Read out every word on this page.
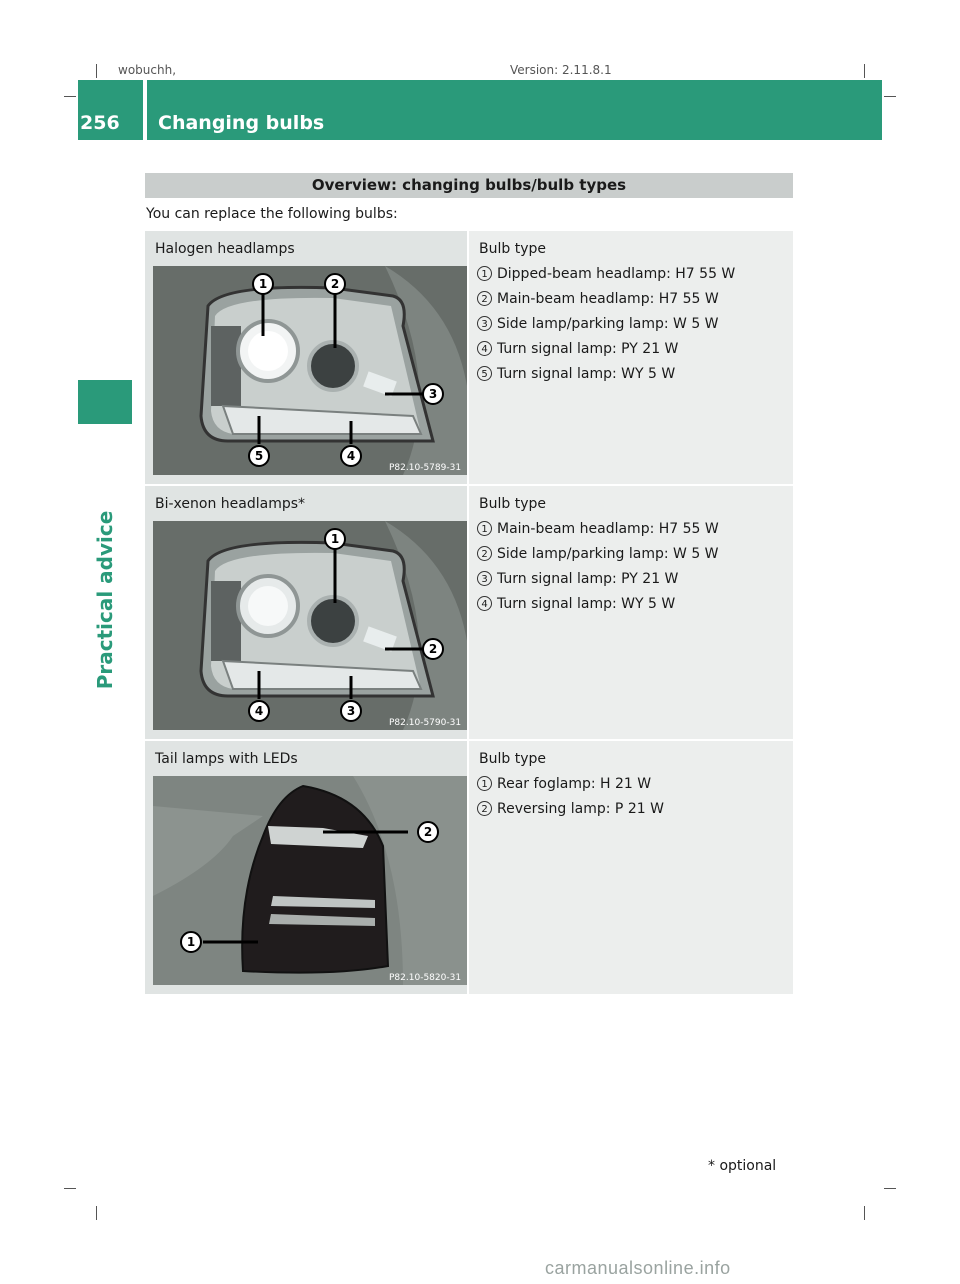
wobuchh,	Version: 2.11.8.1
256 Changing bulbs
Practical advice
Overview: changing bulbs/bulb types
You can replace the following bulbs:
Halogen headlamps
1	2
3
4
5
P82.10-5789-31
Bulb type
1 Dipped-beam headlamp: H7 55 W
2 Main-beam headlamp: H7 55 W
3 Side lamp/parking lamp: W 5 W
4 Turn signal lamp: PY 21 W
5 Turn signal lamp: WY 5 W
Bi-xenon headlamps*
1
2
3
4
P82.10-5790-31
Bulb type
1 Main-beam headlamp: H7 55 W
2 Side lamp/parking lamp: W 5 W
3 Turn signal lamp: PY 21 W
4 Turn signal lamp: WY 5 W
Tail lamps with LEDs
2
1
P82.10-5820-31
Bulb type
1 Rear foglamp: H 21 W
2 Reversing lamp: P 21 W
* optional
carmanualsonline.info
